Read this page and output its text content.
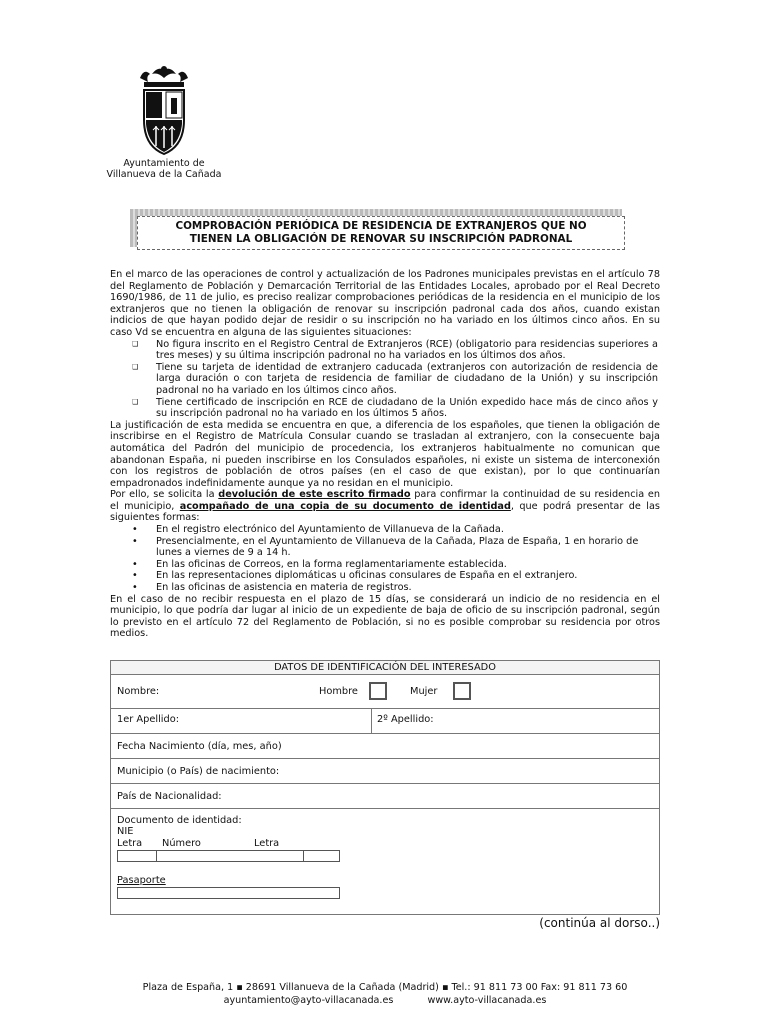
Ayuntamiento de
Villanueva de la Cañada
COMPROBACIÓN PERIÓDICA DE RESIDENCIA DE EXTRANJEROS QUE NO
TIENEN LA OBLIGACIÓN DE RENOVAR SU INSCRIPCIÓN PADRONAL

En el marco de las operaciones de control y actualización de los Padrones municipales previstas en el artículo 78 del Reglamento de Población y Demarcación Territorial de las Entidades Locales, aprobado por el Real Decreto 1690/1986, de 11 de julio, es preciso realizar comprobaciones periódicas de la residencia en el municipio de los extranjeros que no tienen la obligación de renovar su inscripción padronal cada dos años, cuando existan indicios de que hayan podido dejar de residir o su inscripción no ha variado en los últimos cinco años. En su caso Vd se encuentra en alguna de las siguientes situaciones:

❑ No figura inscrito en el Registro Central de Extranjeros (RCE) (obligatorio para residencias superiores a tres meses) y su última inscripción padronal no ha variados en los últimos dos años.
❑ Tiene su tarjeta de identidad de extranjero caducada (extranjeros con autorización de residencia de larga duración o con tarjeta de residencia de familiar de ciudadano de la Unión) y su inscripción padronal no ha variado en los últimos cinco años.
❑ Tiene certificado de inscripción en RCE de ciudadano de la Unión expedido hace más de cinco años y su inscripción padronal no ha variado en los últimos 5 años.

La justificación de esta medida se encuentra en que, a diferencia de los españoles, que tienen la obligación de inscribirse en el Registro de Matrícula Consular cuando se trasladan al extranjero, con la consecuente baja automática del Padrón del municipio de procedencia, los extranjeros habitualmente no comunican que abandonan España, ni pueden inscribirse en los Consulados españoles, ni existe un sistema de interconexión con los registros de población de otros países (en el caso de que existan), por lo que continuarían empadronados indefinidamente aunque ya no residan en el municipio.

Por ello, se solicita la devolución de este escrito firmado para confirmar la continuidad de su residencia en el municipio, acompañado de una copia de su documento de identidad, que podrá presentar de las siguientes formas:

• En el registro electrónico del Ayuntamiento de Villanueva de la Cañada.
• Presencialmente, en el Ayuntamiento de Villanueva de la Cañada, Plaza de España, 1 en horario de lunes a viernes de 9 a 14 h.
• En las oficinas de Correos, en la forma reglamentariamente establecida.
• En las representaciones diplomáticas u oficinas consulares de España en el extranjero.
• En las oficinas de asistencia en materia de registros.

En el caso de no recibir respuesta en el plazo de 15 días, se considerará un indicio de no residencia en el municipio, lo que podría dar lugar al inicio de un expediente de baja de oficio de su inscripción padronal, según lo previsto en el artículo 72 del Reglamento de Población, si no es posible comprobar su residencia por otros medios.

DATOS DE IDENTIFICACIÓN DEL INTERESADO
Nombre:	Hombre	Mujer
1er Apellido:	2º Apellido:
Fecha Nacimiento (día, mes, año)
Municipio (o País) de nacimiento:
País de Nacionalidad:
Documento de identidad:
NIE
Letra Número	Letra
Pasaporte
(continúa al dorso..)
Plaza de España, 1 ▪ 28691 Villanueva de la Cañada (Madrid) ▪ Tel.: 91 811 73 00 Fax: 91 811 73 60
ayuntamiento@ayto-villacanada.es	www.ayto-villacanada.es
